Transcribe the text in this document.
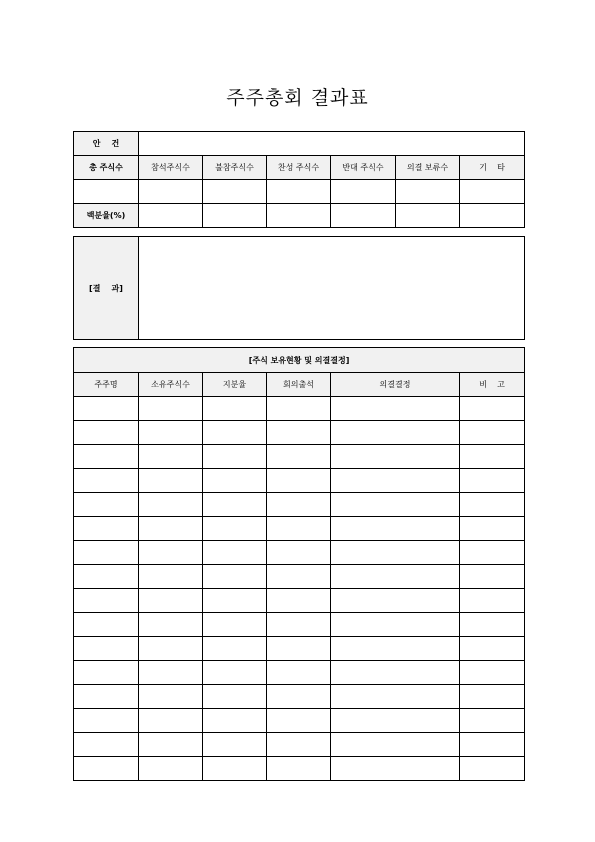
주주총회 결과표
안    건						
총 주식수	참석주식수	불참주식수	찬성 주식수	반대 주식수	의결 보류수	기    타

백분율(%)						
[결    과]	
[주식 보유현황 및 의결결정]					
주주명	소유주식수	지분율	회의출석	의결결정	비    고
